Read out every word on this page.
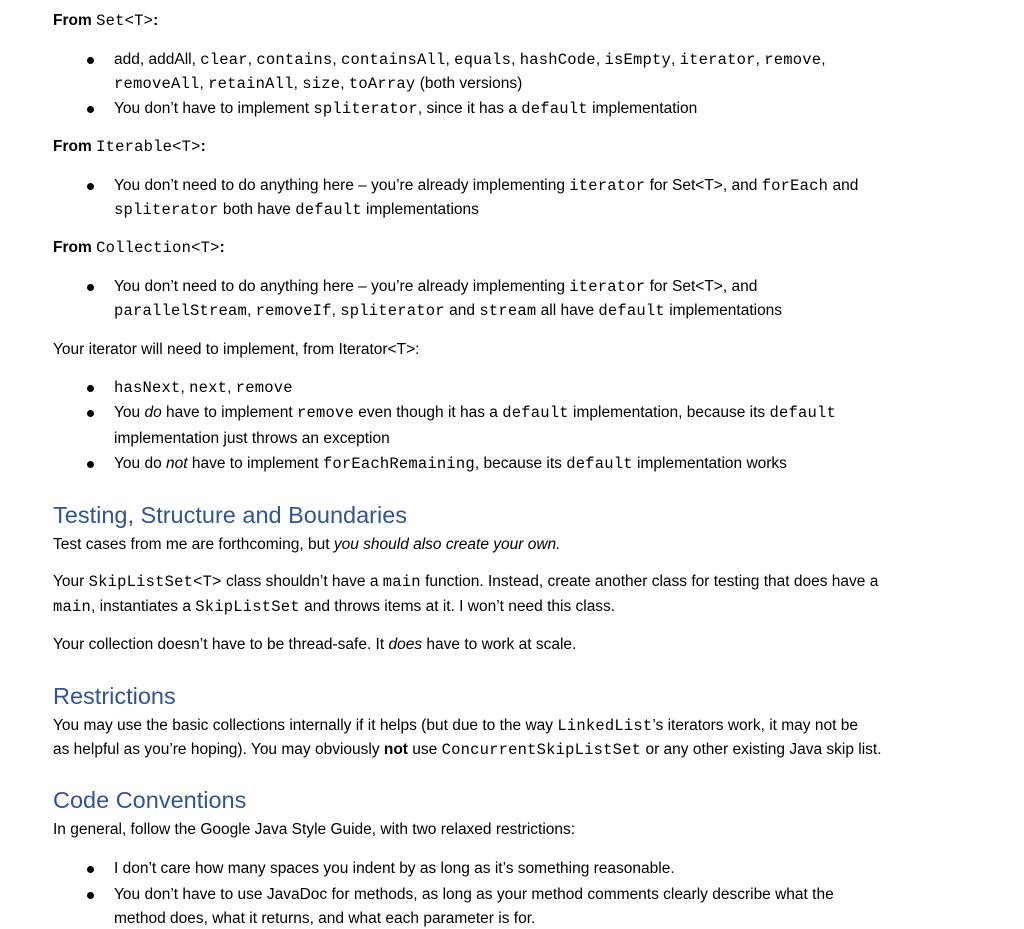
From Set<T>:
add, addAll, clear, contains, containsAll, equals, hashCode, isEmpty, iterator, remove,
removeAll, retainAll, size, toArray (both versions)
You don’t have to implement spliterator, since it has a default implementation
From Iterable<T>:
You don’t need to do anything here – you’re already implementing iterator for Set<T>, and forEach and
spliterator both have default implementations
From Collection<T>:
You don’t need to do anything here – you’re already implementing iterator for Set<T>, and
parallelStream, removeIf, spliterator and stream all have default implementations
Your iterator will need to implement, from Iterator<T>:
hasNext, next, remove
You do have to implement remove even though it has a default implementation, because its default
implementation just throws an exception
You do not have to implement forEachRemaining, because its default implementation works
Testing, Structure and Boundaries
Test cases from me are forthcoming, but you should also create your own.
Your SkipListSet<T> class shouldn’t have a main function. Instead, create another class for testing that does have a
main, instantiates a SkipListSet and throws items at it. I won’t need this class.
Your collection doesn’t have to be thread-safe. It does have to work at scale.
Restrictions
You may use the basic collections internally if it helps (but due to the way LinkedList’s iterators work, it may not be
as helpful as you’re hoping). You may obviously not use ConcurrentSkipListSet or any other existing Java skip list.
Code Conventions
In general, follow the Google Java Style Guide, with two relaxed restrictions:
I don’t care how many spaces you indent by as long as it’s something reasonable.
You don’t have to use JavaDoc for methods, as long as your method comments clearly describe what the
method does, what it returns, and what each parameter is for.
